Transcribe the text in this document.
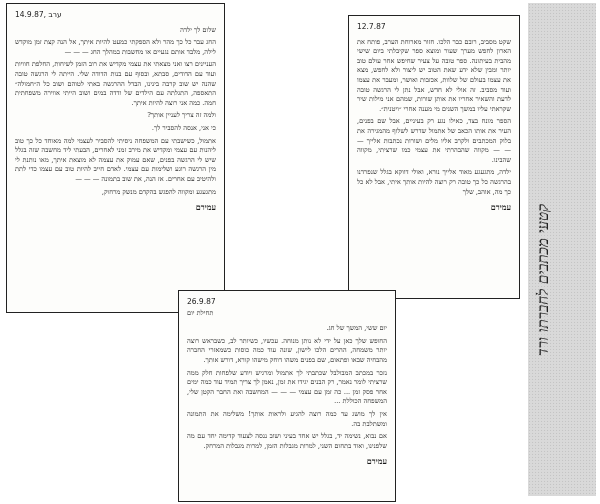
14.9.87, ערב
שלום לך ילדה

החג עבר כל כך מהר ולא הספקתי כמעט להיות איתך, אל הנה קצת זמן מוקדש לילה, מלבד אותם נגעיים או מחשבות במהלך החג — — —

העניינים רצו ואני מצאתי את עצמי מקדיש את רוב הזמן לשיחות, החלפת חוויות ועוד עם הדודים, סבתא, ובסוף עם בנות הדודה שלי. הייתה לי הרגשה טובה שהנה יש שוב קרבה בינינו, הבדל ההרגשה באתי לטוהם ושוב כל ה״חמולה״ התאספה, התגלתה עם הילדים של ודדה במים ושוב הייתי אווירה משפחתית חמה. כמה אני רוצה להיות איתך.

ולמה זה צריך לעניין אותך?

כי אני, אנסה להסביר לך.

אתמול, כשישבתי עם המשפחה ניסיתי להסביר לעצמי למה מאוחד כל כך טוב ליהנות עם עצמי ומקדיש את מירב זמני לאחרים, הבעתי ליד מחשבה שזה בגלל שיש לי הרגשה בפנים, שאם עמוק את עצמה לא מוצאת איתך, מאו נותנת לי מין הרגשה רוגע ושלימות עם עצמי. לאדם חייב להיות טוב עם עצמו כדי לתת ולהיטיב עם אחרים. אז הנה, את שוב בתמונה — — —

מתגעגע ומקווה להפגש בהקדם מנשק מרחוק,

עמירם
12.7.87

שקט מסביב, רובם כבר הלכו. חזור מארוחת הערב, פותח את הארון לחפש מערך שעור ומוצא ספר שקיבלתי ביום שישי מהבית בעיתונה. ספר טובה על צעיר שחיפש אחר עולם טוב יותר ומבין שלא ידע שאת הטוב יש ליצור ולא לחפש, מצא את עצמו בעולם של שלוות, אכזבות ואושר, ומעבר את עצמו ועוד מסביב. זה אולי לא חדש, אבל נתן לי הרגשה טובה לדעת והשאיר אחריו את אותן שורות, שמהם אני מילות שיר שקראתי עליו במשך השנים מי מענה אחרי ״ויטנית״.

הספר מונח בצד, כאילו נגע רק בעיניים, אבל שם בפנים, העיר את אותו הכאב של אתמול שדרש לשלוף מהמגירה את בלוק המכתבים ולקרב אליו מלים ושורות נכתבות אלייך — — — מקווה שהבהרתי את עצמי כמו שרציתי, מקווה שהבינו.

ילדה, מתגעגע מאוד אלייך נורא, ואולי דווקא בגלל שנפרדנו בהרגשה כל כך טובה רק רוצה להיות אותך איתי, אבל לא כל כך מה, אוהב, שלך

עמירם
26.9.87
תחילת יום
יום ששי, המשך של חג.

החופש שלך כאן על ידי לא נותן מנוחה. עכשיו, כשיותר לב, כשבראש רוצה יותר משמחה, ההרים הלכו לישון, שונה עוד כמה כוסות כשמאזרי החברה מהבחיה שבאו ופתאום, שם בפנים משהו דוחק מישהו קורא, דורש אותך.

נזכר במכתב המבולבל שכתבתי לך אתמול ומרגיש ויודע שלפחות חלק ממה שרציתי לומר נאמר, רק הבנים יגידו את זמן, נאמן לך צריך תמיד עוד כמה ימים אחר פסק זמן ... כה זמן עם עצמי — — — המחשבה ואת החבר הקטן שלי, המשפחה הכוללת ...

אין לך מושג עד כמה רוצה להגיע ולראות אותך! משלימה את התמונה ומשתלבת בה.

אם נבוא, נשימה יד, בגלל יש אחד בעיני ושוב ננסה לצעוד קדימה יחד עם מה שלפנינו, ואוד בתחום השני, למרות מגבלות הזמן, למרות מגבלות המרחק.

עמירם
קטעי מכתבים לחברתו ורד
